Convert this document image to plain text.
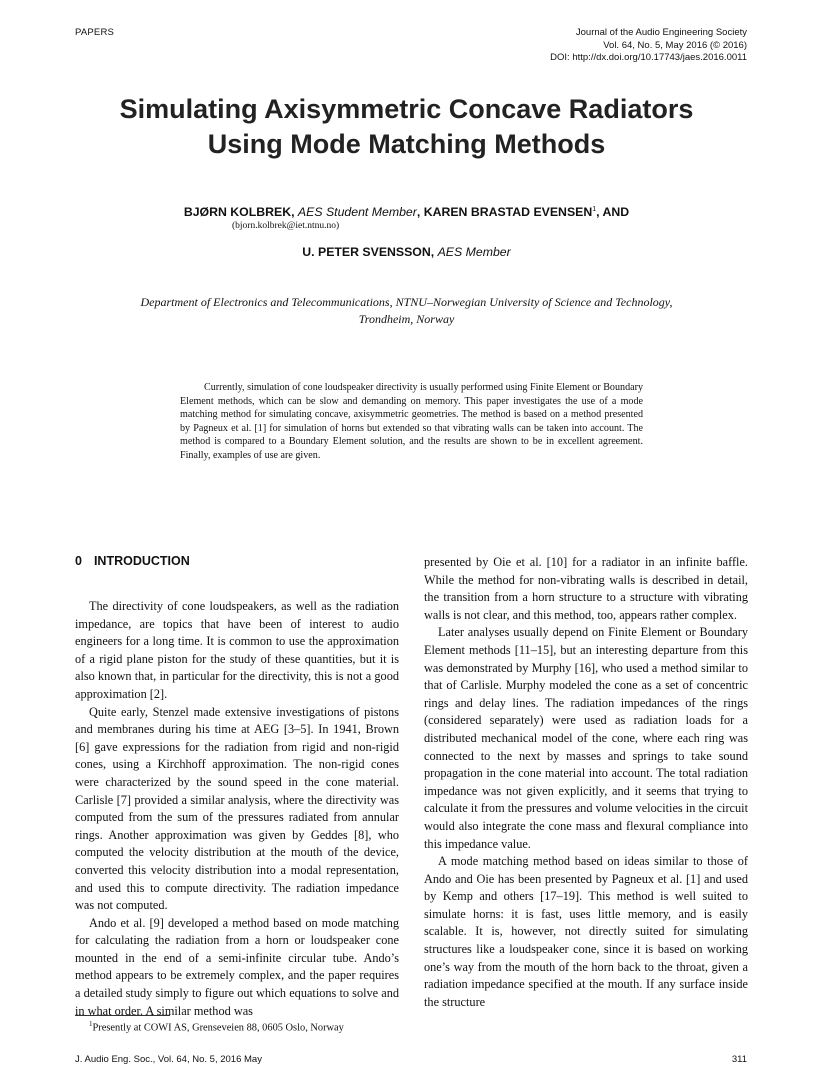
PAPERS	Journal of the Audio Engineering Society
Vol. 64, No. 5, May 2016 (© 2016)
DOI: http://dx.doi.org/10.17743/jaes.2016.0011
Simulating Axisymmetric Concave Radiators
Using Mode Matching Methods
BJØRN KOLBREK, AES Student Member, KAREN BRASTAD EVENSEN$^1$, AND
(bjorn.kolbrek@iet.ntnu.no)
U. PETER SVENSSON, AES Member
Department of Electronics and Telecommunications, NTNU–Norwegian University of Science and Technology,
Trondheim, Norway
Currently, simulation of cone loudspeaker directivity is usually performed using Finite Element or Boundary Element methods, which can be slow and demanding on memory. This paper investigates the use of a mode matching method for simulating concave, axisymmetric geometries. The method is based on a method presented by Pagneux et al. [1] for simulation of horns but extended so that vibrating walls can be taken into account. The method is compared to a Boundary Element solution, and the results are shown to be in excellent agreement. Finally, examples of use are given.
0 INTRODUCTION

The directivity of cone loudspeakers, as well as the radiation impedance, are topics that have been of interest to audio engineers for a long time. It is common to use the approximation of a rigid plane piston for the study of these quantities, but it is also known that, in particular for the directivity, this is not a good approximation [2].

Quite early, Stenzel made extensive investigations of pistons and membranes during his time at AEG [3–5]. In 1941, Brown [6] gave expressions for the radiation from rigid and non-rigid cones, using a Kirchhoff approximation. The non-rigid cones were characterized by the sound speed in the cone material. Carlisle [7] provided a similar analysis, where the directivity was computed from the sum of the pressures radiated from annular rings. Another approximation was given by Geddes [8], who computed the velocity distribution at the mouth of the device, converted this velocity distribution into a modal representation, and used this to compute directivity. The radiation impedance was not computed.

Ando et al. [9] developed a method based on mode matching for calculating the radiation from a horn or loudspeaker cone mounted in the end of a semi-infinite circular tube. Ando’s method appears to be extremely complex, and the paper requires a detailed study simply to figure out which equations to solve and in what order. A similar method was

presented by Oie et al. [10] for a radiator in an infinite baffle. While the method for non-vibrating walls is described in detail, the transition from a horn structure to a structure with vibrating walls is not clear, and this method, too, appears rather complex.

Later analyses usually depend on Finite Element or Boundary Element methods [11–15], but an interesting departure from this was demonstrated by Murphy [16], who used a method similar to that of Carlisle. Murphy modeled the cone as a set of concentric rings and delay lines. The radiation impedances of the rings (considered separately) were used as radiation loads for a distributed mechanical model of the cone, where each ring was connected to the next by masses and springs to take sound propagation in the cone material into account. The total radiation impedance was not given explicitly, and it seems that trying to calculate it from the pressures and volume velocities in the circuit would also integrate the cone mass and flexural compliance into this impedance value.

A mode matching method based on ideas similar to those of Ando and Oie has been presented by Pagneux et al. [1] and used by Kemp and others [17–19]. This method is well suited to simulate horns: it is fast, uses little memory, and is easily scalable. It is, however, not directly suited for simulating structures like a loudspeaker cone, since it is based on working one’s way from the mouth of the horn back to the throat, given a radiation impedance specified at the mouth. If any surface inside the structure

$^1$Presently at COWI AS, Grenseveien 88, 0605 Oslo, Norway
J. Audio Eng. Soc., Vol. 64, No. 5, 2016 May	311
